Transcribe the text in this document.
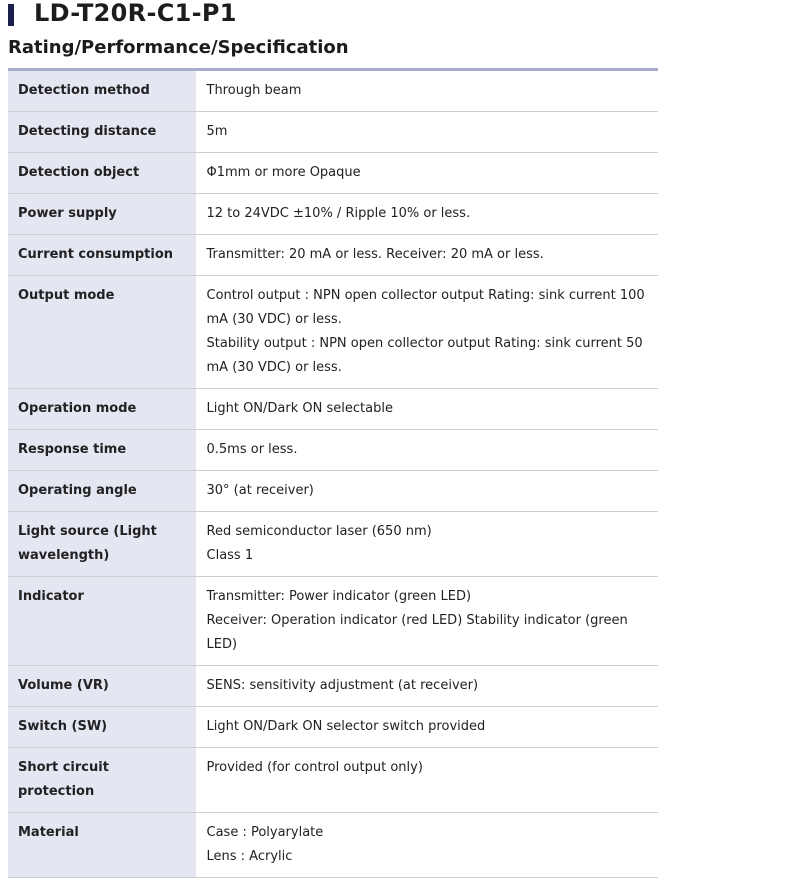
LD-T20R-C1-P1
Rating/Performance/Specification
Detection method	Through beam

Detecting distance	5m

Detection object	Φ1mm or more Opaque

Power supply	12 to 24VDC ±10% / Ripple 10% or less.

Current consumption	Transmitter: 20 mA or less. Receiver: 20 mA or less.

Output mode	Control output : NPN open collector output Rating: sink current 100 mA (30 VDC) or less.
Stability output : NPN open collector output Rating: sink current 50 mA (30 VDC) or less.

Operation mode	Light ON/Dark ON selectable

Response time	0.5ms or less.

Operating angle	30° (at receiver)

Light source (Light wavelength)	Red semiconductor laser (650 nm)
Class 1

Indicator	Transmitter: Power indicator (green LED)
Receiver: Operation indicator (red LED) Stability indicator (green LED)

Volume (VR)	SENS: sensitivity adjustment (at receiver)

Switch (SW)	Light ON/Dark ON selector switch provided

Short circuit protection	Provided (for control output only)

Material	Case : Polyarylate
Lens : Acrylic
